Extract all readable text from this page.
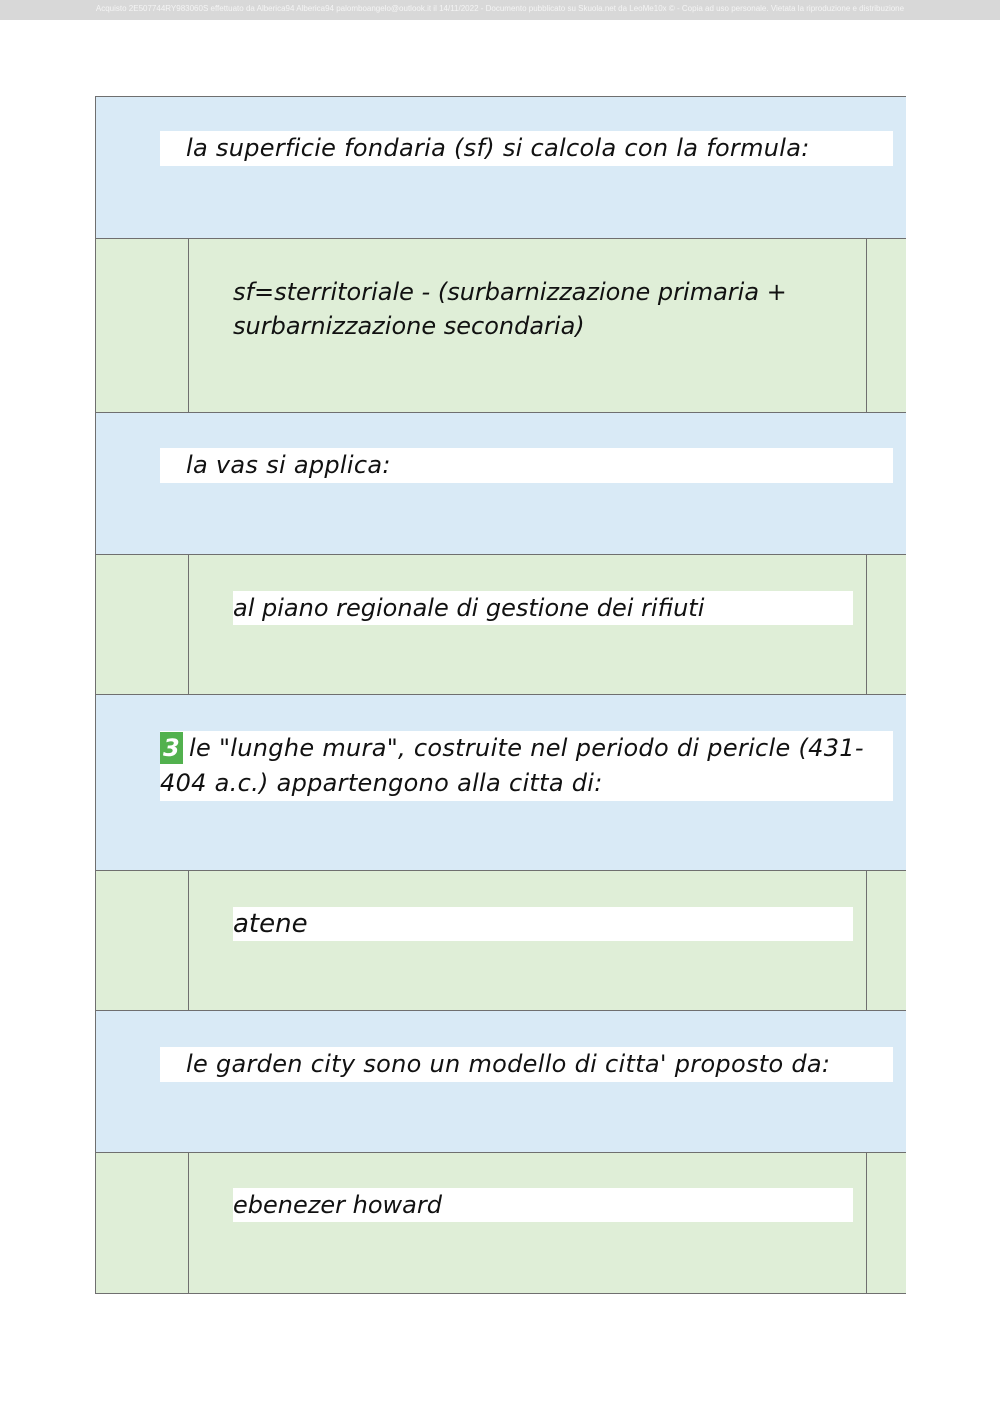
Acquisto 2E507744RY983060S effettuato da Alberica94 Alberica94 palomboangelo@outlook.it il 14/11/2022 - Documento pubblicato su Skuola.net da LeoMe10x © - Copia ad uso personale. Vietata la riproduzione e distribuzione
la superficie fondaria (sf) si calcola con la formula:
sf=sterritoriale - (surbarnizzazione primaria + surbarnizzazione secondaria)
la vas si applica:
al piano regionale di gestione dei rifiuti
3 le "lunghe mura", costruite nel periodo di pericle (431-404 a.c.) appartengono alla citta di:
atene
le garden city sono un modello di citta' proposto da:
ebenezer howard
